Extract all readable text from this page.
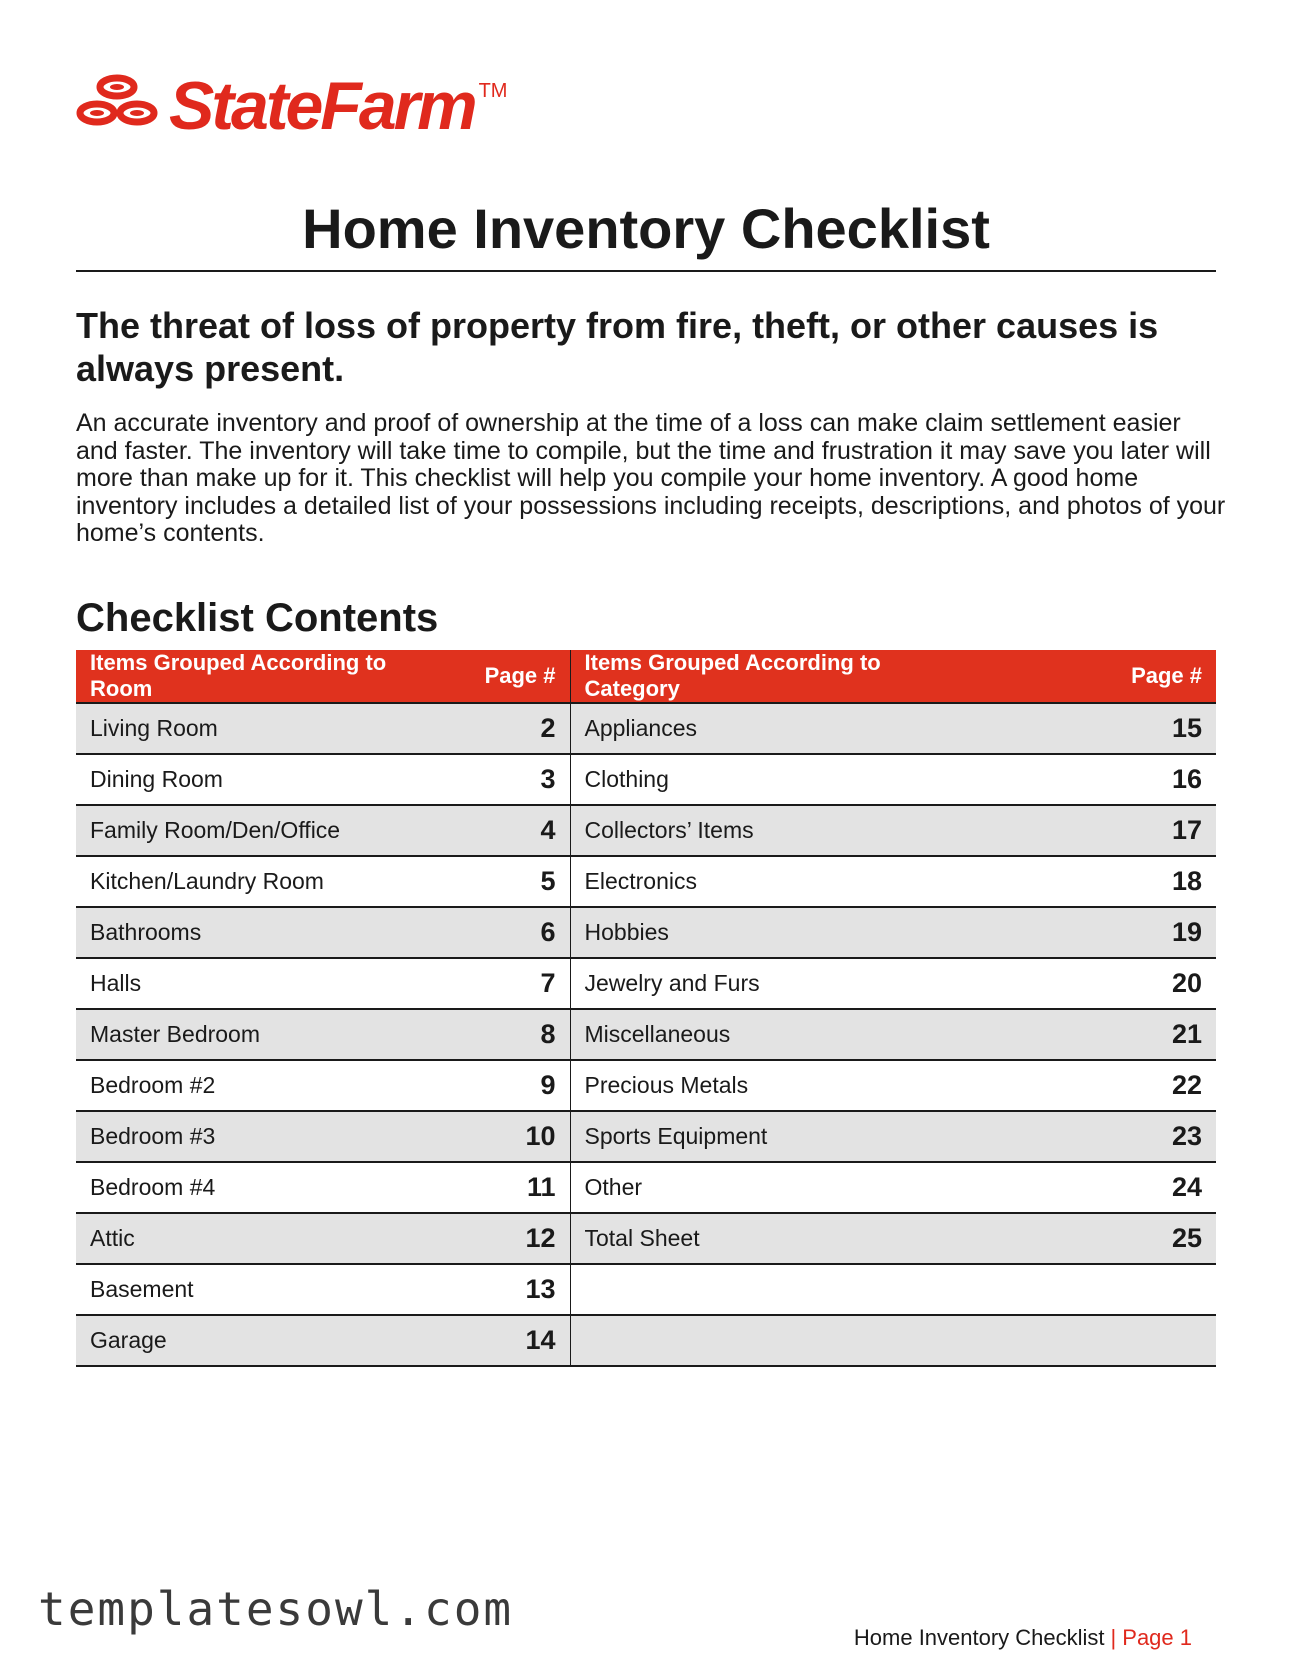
StateFarm TM
Home Inventory Checklist
The threat of loss of property from fire, theft, or other causes is always present.

An accurate inventory and proof of ownership at the time of a loss can make claim settlement easier and faster. The inventory will take time to compile, but the time and frustration it may save you later will more than make up for it. This checklist will help you compile your home inventory. A good home inventory includes a detailed list of your possessions including receipts, descriptions, and photos of your home’s contents.

Checklist Contents
Items Grouped According to Room	Page #	Items Grouped According to Category	Page #
Living Room	2	Appliances	15
Dining Room	3	Clothing	16
Family Room/Den/Office	4	Collectors’ Items	17
Kitchen/Laundry Room	5	Electronics	18
Bathrooms	6	Hobbies	19
Halls	7	Jewelry and Furs	20
Master Bedroom	8	Miscellaneous	21
Bedroom #2	9	Precious Metals	22
Bedroom #3	10	Sports Equipment	23
Bedroom #4	11	Other	24
Attic	12	Total Sheet	25
Basement	13		
Garage	14		
templatesowl.com
Home Inventory Checklist | Page 1
